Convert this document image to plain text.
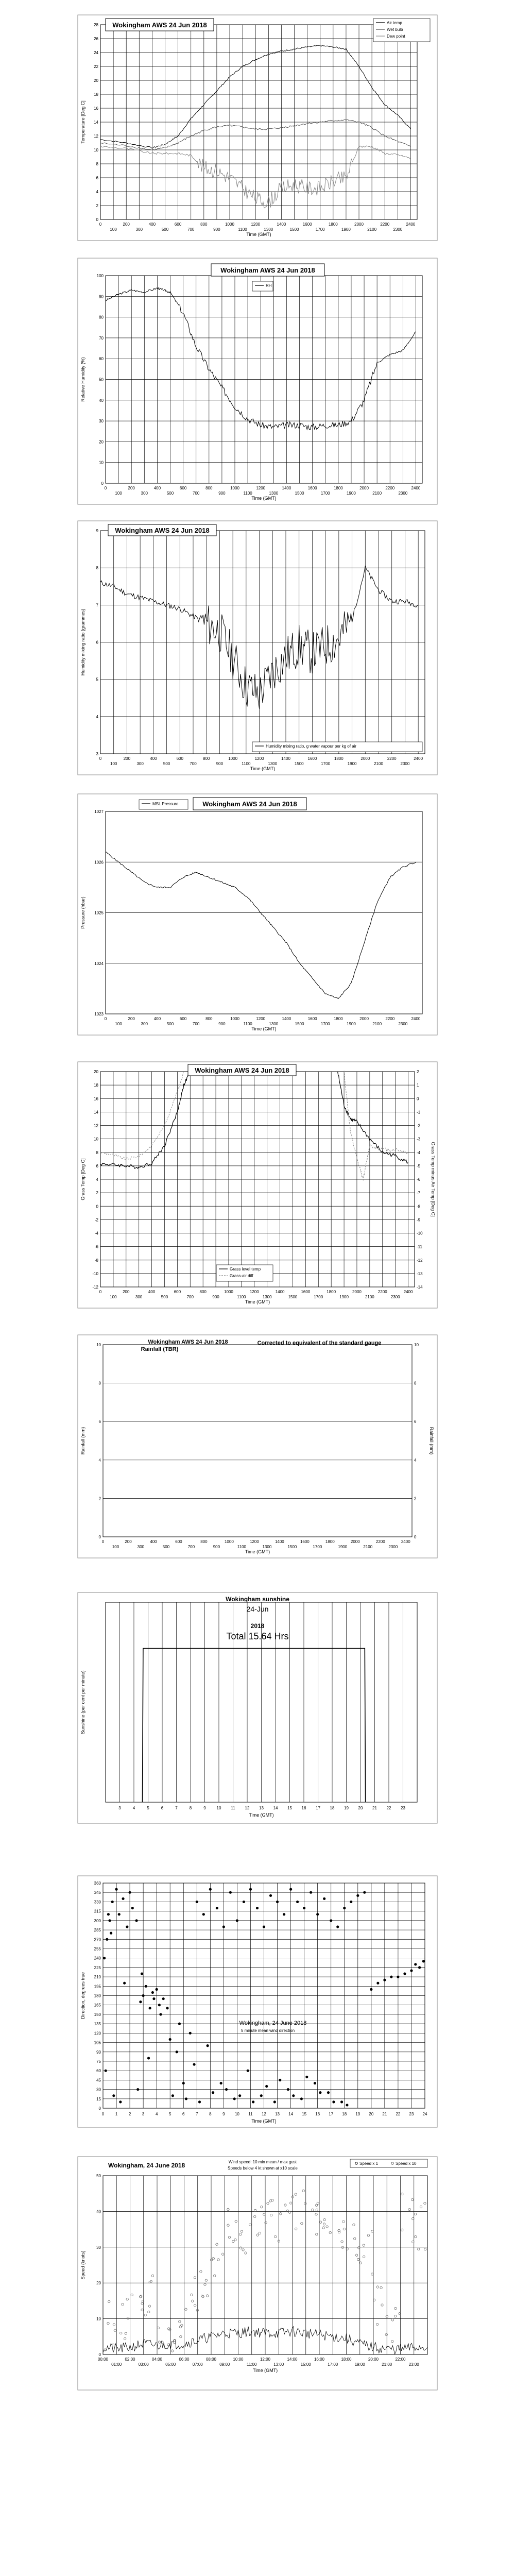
0
2
4
6
8
10
12
14
16
18
20
22
24
26
28
0	200	400	600	800	1000	1200	1400	1600	1800	2000	2200	2400
100	300	500	700	900	1100	1300	1500	1700	1900	2100	2300
Time (GMT)
Temperature [Deg C]
Wokingham AWS 24 Jun 2018	Air temp
Wet bulb
Dew point
0
10
20
30
40
50
60
70
80
90
100
0	200	400	600	800	1000	1200	1400	1600	1800	2000	2200	2400
100	300	500	700	900	1100	1300	1500	1700	1900	2100	2300
Time (GMT)
Relative Humidity (%)
Wokingham AWS 24 Jun 2018
RH
3
4
5
6
7
8
9
0	200	400	600	800	1000	1200	1400	1600	1800	2000	2200	2400
100	300	500	700	900	1100	1300	1500	1700	1900	2100	2300
Time (GMT)
Humidity mixing ratio (grammes)
Wokingham AWS 24 Jun 2018
Humidity mixing ratio, g water vapour per kg of air
1023
1024
1025
1026
1027
0	200	400	600	800	1000	1200	1400	1600	1800	2000	2200	2400
100	300	500	700	900	1100	1300	1500	1700	1900	2100	2300
Time (GMT)
Pressure (hbar)
MSL Pressure	Wokingham AWS 24 Jun 2018
-12
-10
-8
-6
-4
-2
0
2
4
6
8
10
12
14
16
18
20
0	200	400	600	800	1000	1200	1400	1600	1800	2000	2200	2400
100	300	500	700	900	1100	1300	1500	1700	1900	2100	2300
Time (GMT)
Grass Temp [Deg C]
-14
-13
-12
-11
-10
-9
-8
-7
-6
-5
-4
-3
-2
-1
0
1
2
Grass Temp minus Air Temp [Deg C]
Wokingham AWS 24 Jun 2018
Grass level temp
Grass-air diff
0
2
4
6
8
10
0	200	400	600	800	1000	1200	1400	1600	1800	2000	2200	2400
100	300	500	700	900	1100	1300	1500	1700	1900	2100	2300
Time (GMT)
Rainfall (mm)
0
2
4
6
8
10
Rainfall (mm)
Wokingham AWS 24 Jun 2018
Rainfall (TBR)
Corrected to equivalent of the standard gauge
3	4	5	6	7	8	9	10 11 12 13 14 15 16 17 18 19 20 21 22 23
Time (GMT)
Sunshine (per cent per minute)
Wokingham sunshine
24-Jun
2018
Total 15.64 Hrs
0
15
30
45
60
75
90
105
120
135
150
165
180
195
210
225
240
255
270
285
300
315
330
345
360
0	1	2	3	4	5	6	7	8	9 10 11 12 13 14 15 16 17 18 19 20 21 22 23 24
Time (GMT)
Direction, degrees true
Wokingham, 24 June 2018
5 minute mean wind direction
0
10
20
30
40
50
00:00	02:00	04:00	06:00	08:00	10:00	12:00	14:00	16:00	18:00	20:00	22:00
01:00	03:00	05:00	07:00	09:00	11:00	13:00	15:00	17:00	19:00	21:00	23:00
Time (GMT)
Speed (knots)
Wokingham, 24 June 2018	Wind speed: 10 min mean / max gust
Speeds below 4 kt shown at x10 scale
Speed x 1	Speed x 10
